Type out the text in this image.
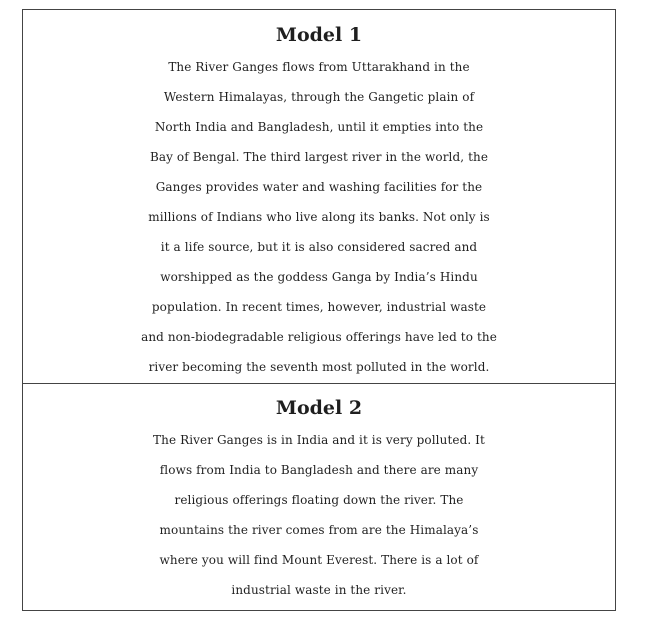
Model 1
The River Ganges flows from Uttarakhand in the
Western Himalayas, through the Gangetic plain of
North India and Bangladesh, until it empties into the
Bay of Bengal. The third largest river in the world, the
Ganges provides water and washing facilities for the
millions of Indians who live along its banks. Not only is
it a life source, but it is also considered sacred and
worshipped as the goddess Ganga by India’s Hindu
population. In recent times, however, industrial waste
and non-biodegradable religious offerings have led to the
river becoming the seventh most polluted in the world.
Model 2
The River Ganges is in India and it is very polluted. It
flows from India to Bangladesh and there are many
religious offerings floating down the river. The
mountains the river comes from are the Himalaya’s
where you will find Mount Everest. There is a lot of
industrial waste in the river.
